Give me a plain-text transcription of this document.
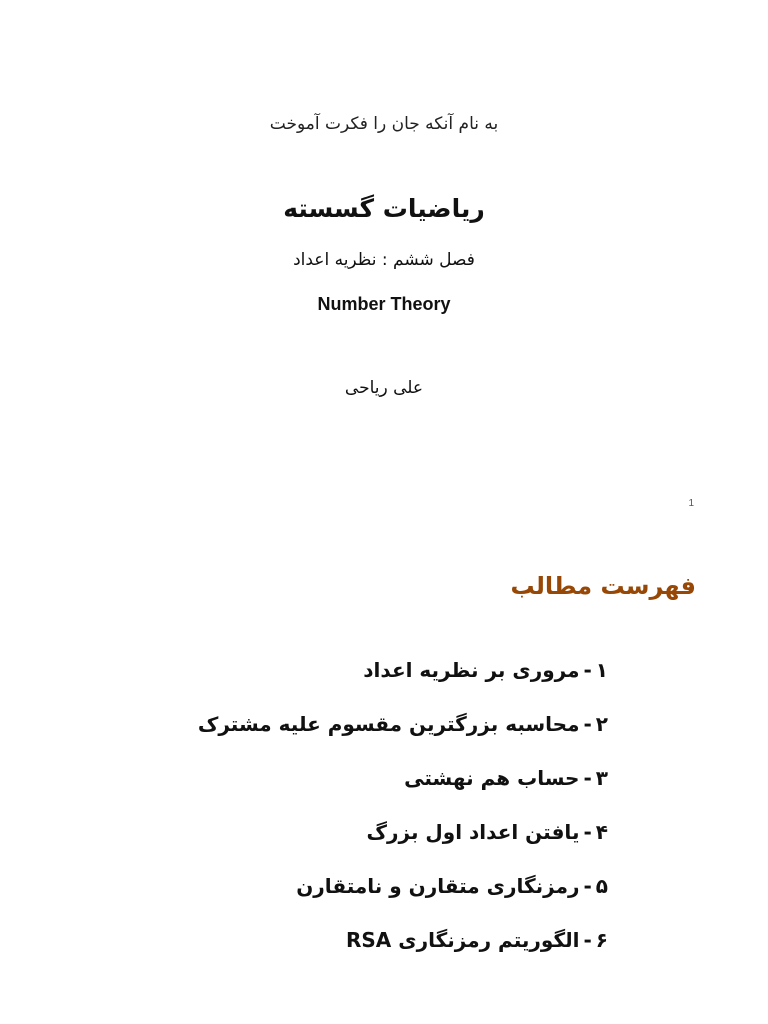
به نام آنکه جان را فکرت آموخت
ریاضیات گسسته
فصل ششم : نظریه اعداد
Number Theory
علی ریاحی
1
فهرست مطالب
۱-مروری بر نظریه اعداد
۲-محاسبه بزرگترین مقسوم علیه مشترک
۳-حساب هم نهشتی
۴-یافتن اعداد اول بزرگ
۵-رمزنگاری متقارن و نامتقارن
۶-الگوریتم رمزنگاری RSA
